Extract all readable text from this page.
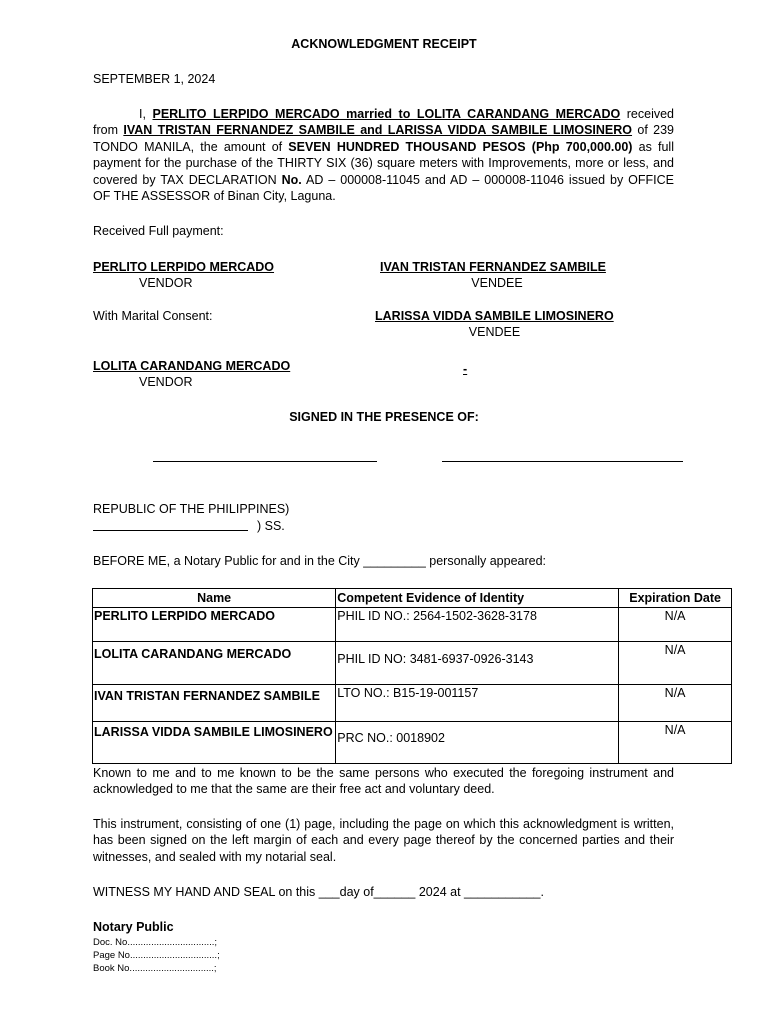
ACKNOWLEDGMENT RECEIPT
SEPTEMBER 1, 2024
I, PERLITO LERPIDO MERCADO married to LOLITA CARANDANG MERCADO received from IVAN TRISTAN FERNANDEZ SAMBILE and LARISSA VIDDA SAMBILE LIMOSINERO of 239 TONDO MANILA, the amount of SEVEN HUNDRED THOUSAND PESOS (Php 700,000.00) as full payment for the purchase of the THIRTY SIX (36) square meters with Improvements, more or less, and covered by TAX DECLARATION No. AD – 000008-11045 and AD – 000008-11046 issued by OFFICE OF THE ASSESSOR of Binan City, Laguna.
Received Full payment:
PERLITO LERPIDO MERCADO
VENDOR
IVAN TRISTAN FERNANDEZ SAMBILE
VENDEE
With Marital Consent:	LARISSA VIDDA SAMBILE LIMOSINERO
VENDEE
LOLITA CARANDANG MERCADO
VENDOR
-
SIGNED IN THE PRESENCE OF:
REPUBLIC OF THE PHILIPPINES)
) SS.
BEFORE ME, a Notary Public for and in the City _________ personally appeared:
Name	Competent Evidence of Identity	Expiration Date
PERLITO LERPIDO MERCADO	PHIL ID NO.: 2564-1502-3628-3178	N/A
LOLITA CARANDANG MERCADO	PHIL ID NO: 3481-6937-0926-3143	N/A
IVAN TRISTAN FERNANDEZ SAMBILE	LTO NO.: B15-19-001157	N/A
LARISSA VIDDA SAMBILE LIMOSINERO	PRC NO.: 0018902	N/A
Known to me and to me known to be the same persons who executed the foregoing instrument and acknowledged to me that the same are their free act and voluntary deed.
This instrument, consisting of one (1) page, including the page on which this acknowledgment is written, has been signed on the left margin of each and every page thereof by the concerned parties and their witnesses, and sealed with my notarial seal.
WITNESS MY HAND AND SEAL on this ___day of______ 2024 at ___________.
Notary Public
Doc. No.................................;
Page No.................................;
Book No................................;
